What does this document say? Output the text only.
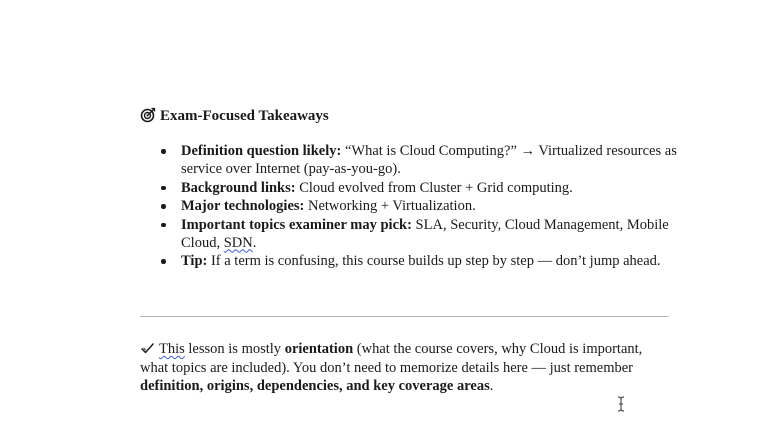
Exam-Focused Takeaways
Definition question likely: “What is Cloud Computing?” → Virtualized resources as service over Internet (pay-as-you-go).
Background links: Cloud evolved from Cluster + Grid computing.
Major technologies: Networking + Virtualization.
Important topics examiner may pick: SLA, Security, Cloud Management, Mobile Cloud, SDN.
Tip: If a term is confusing, this course builds up step by step — don’t jump ahead.

This lesson is mostly orientation (what the course covers, why Cloud is important, what topics are included). You don’t need to memorize details here — just remember definition, origins, dependencies, and key coverage areas.
